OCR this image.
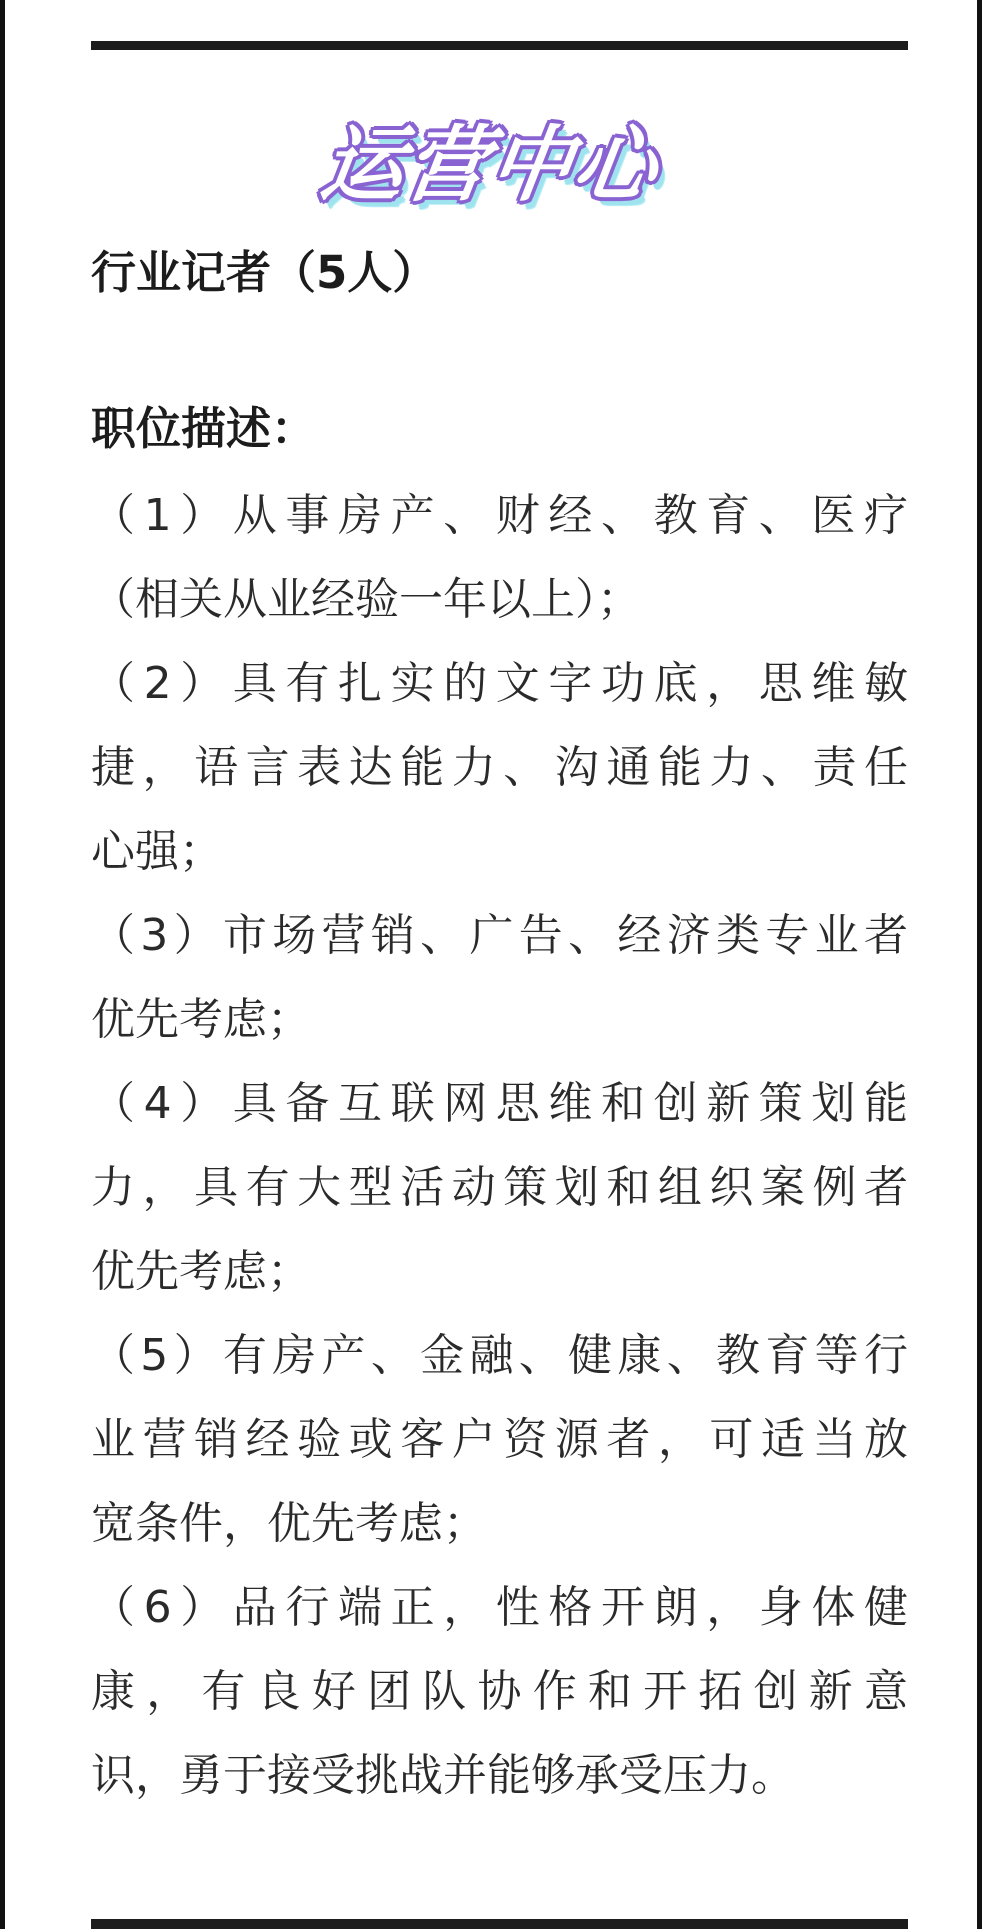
运营中心
行业记者（5人）
职位描述：
（1）从事房产、财经、教育、医疗
（相关从业经验一年以上）；
（2）具有扎实的文字功底，思维敏
捷，语言表达能力、沟通能力、责任
心强；
（3）市场营销、广告、经济类专业者
优先考虑；
（4）具备互联网思维和创新策划能
力，具有大型活动策划和组织案例者
优先考虑；
（5）有房产、金融、健康、教育等行
业营销经验或客户资源者，可适当放
宽条件，优先考虑；
（6）品行端正，性格开朗，身体健
康，有良好团队协作和开拓创新意
识，勇于接受挑战并能够承受压力。
